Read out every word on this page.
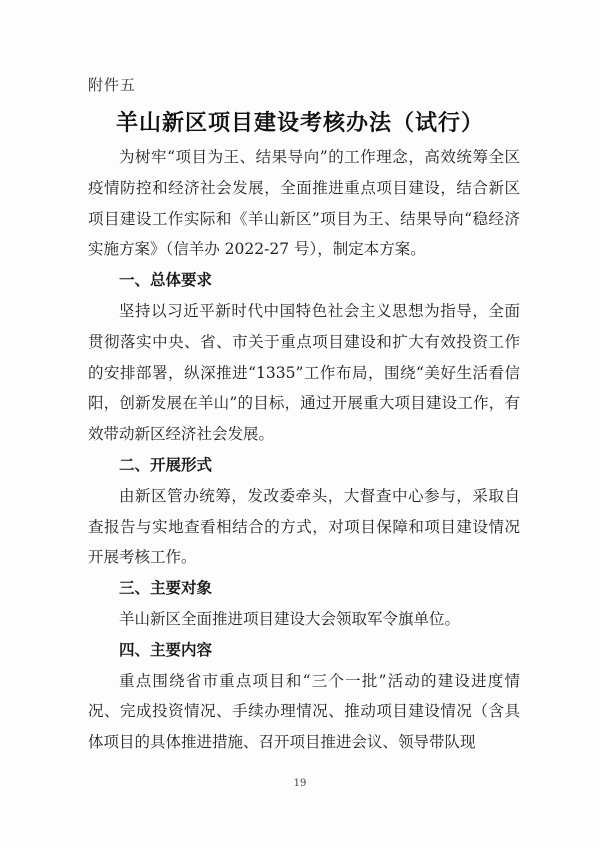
附件五
羊山新区项目建设考核办法（试行）

为树牢“项目为王、结果导向”的工作理念，高效统筹全区疫情防控和经济社会发展，全面推进重点项目建设，结合新区项目建设工作实际和《羊山新区”项目为王、结果导向“稳经济实施方案》（信羊办 2022-27 号），制定本方案。

一、总体要求

坚持以习近平新时代中国特色社会主义思想为指导，全面贯彻落实中央、省、市关于重点项目建设和扩大有效投资工作的安排部署，纵深推进“1335”工作布局，围绕“美好生活看信阳，创新发展在羊山”的目标，通过开展重大项目建设工作，有效带动新区经济社会发展。

二、开展形式

由新区管办统筹，发改委牵头，大督查中心参与，采取自查报告与实地查看相结合的方式，对项目保障和项目建设情况开展考核工作。

三、主要对象

羊山新区全面推进项目建设大会领取军令旗单位。

四、主要内容

重点围绕省市重点项目和“三个一批”活动的建设进度情况、完成投资情况、手续办理情况、推动项目建设情况（含具体项目的具体推进措施、召开项目推进会议、领导带队现

19
